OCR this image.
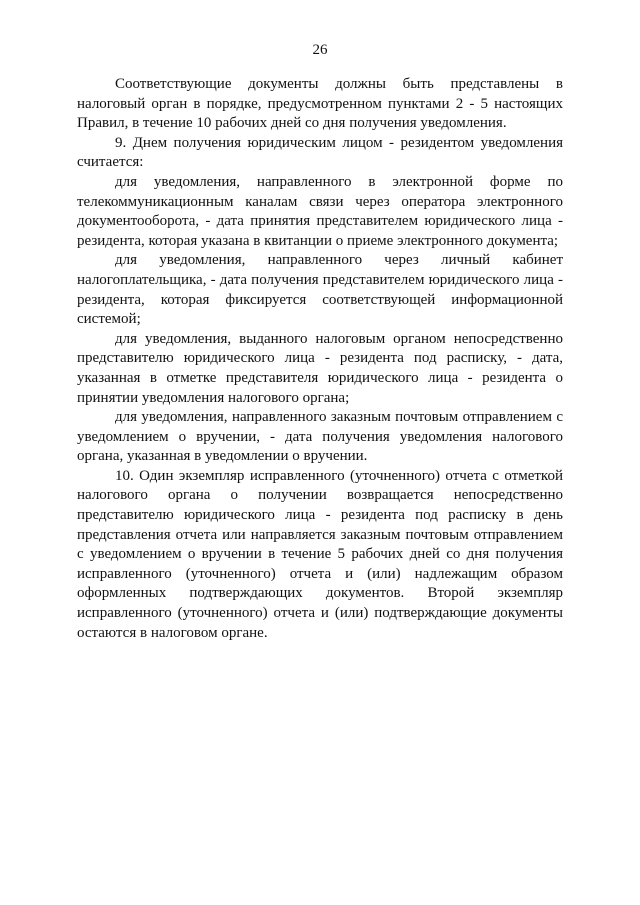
26

Соответствующие документы должны быть представлены в налоговый орган в порядке, предусмотренном пунктами 2 - 5 настоящих Правил, в течение 10 рабочих дней со дня получения уведомления.

9. Днем получения юридическим лицом - резидентом уведомления считается:

для уведомления, направленного в электронной форме по телекоммуникационным каналам связи через оператора электронного документооборота, - дата принятия представителем юридического лица - резидента, которая указана в квитанции о приеме электронного документа;

для уведомления, направленного через личный кабинет налогоплательщика, - дата получения представителем юридического лица - резидента, которая фиксируется соответствующей информационной системой;

для уведомления, выданного налоговым органом непосредственно представителю юридического лица - резидента под расписку, - дата, указанная в отметке представителя юридического лица - резидента о принятии уведомления налогового органа;

для уведомления, направленного заказным почтовым отправлением с уведомлением о вручении, - дата получения уведомления налогового органа, указанная в уведомлении о вручении.

10. Один экземпляр исправленного (уточненного) отчета с отметкой налогового органа о получении возвращается непосредственно представителю юридического лица - резидента под расписку в день представления отчета или направляется заказным почтовым отправлением с уведомлением о вручении в течение 5 рабочих дней со дня получения исправленного (уточненного) отчета и (или) надлежащим образом оформленных подтверждающих документов. Второй экземпляр исправленного (уточненного) отчета и (или) подтверждающие документы остаются в налоговом органе.
